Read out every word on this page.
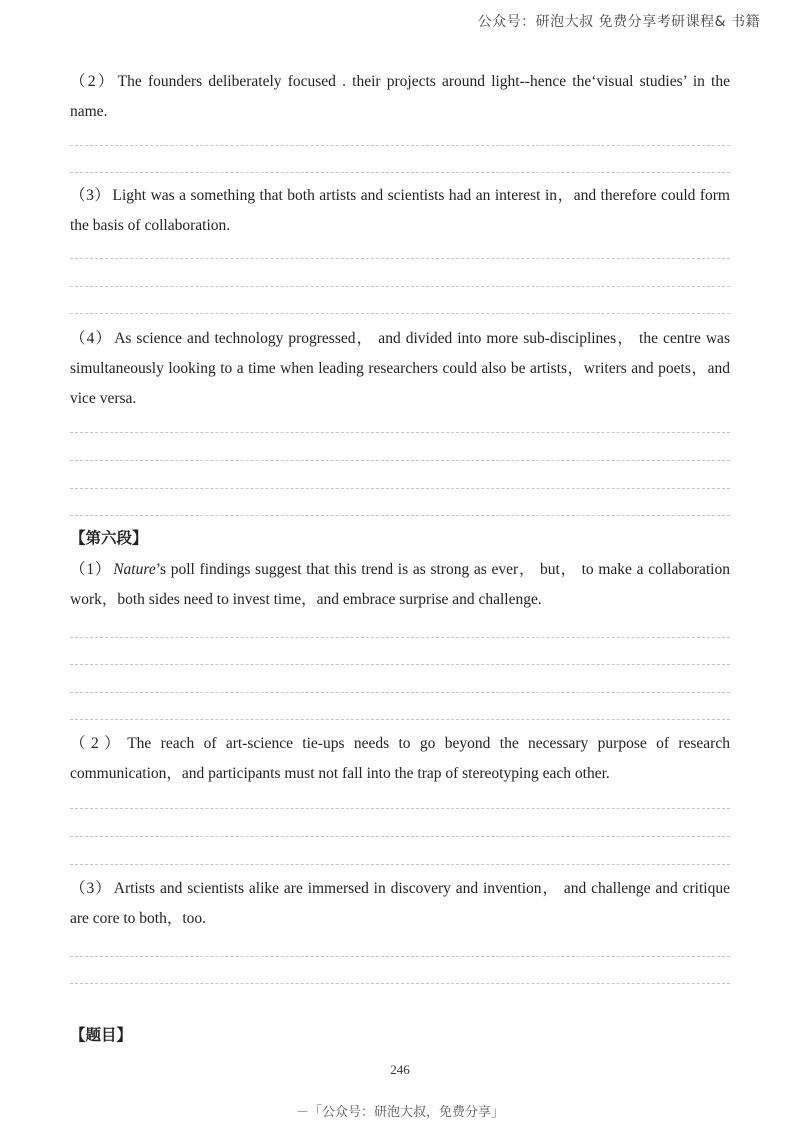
公众号：研泡大叔 免费分享考研课程& 书籍
（2） The founders deliberately focused . their projects around light--hence the‘visual studies’ in the name.
（3） Light was a something that both artists and scientists had an interest in，and therefore could form the basis of collaboration.
（4） As science and technology progressed， and divided into more sub-disciplines， the centre was simultaneously looking to a time when leading researchers could also be artists，writers and poets，and vice versa.
【第六段】
（1） Nature’s poll findings suggest that this trend is as strong as ever， but， to make a collaboration work，both sides need to invest time，and embrace surprise and challenge.
（2） The reach of art-science tie-ups needs to go beyond the necessary purpose of research communication，and participants must not fall into the trap of stereotyping each other.
（3） Artists and scientists alike are immersed in discovery and invention， and challenge and critique are core to both，too.
【题目】
246
－「公众号：研泡大叔，免费分享」
